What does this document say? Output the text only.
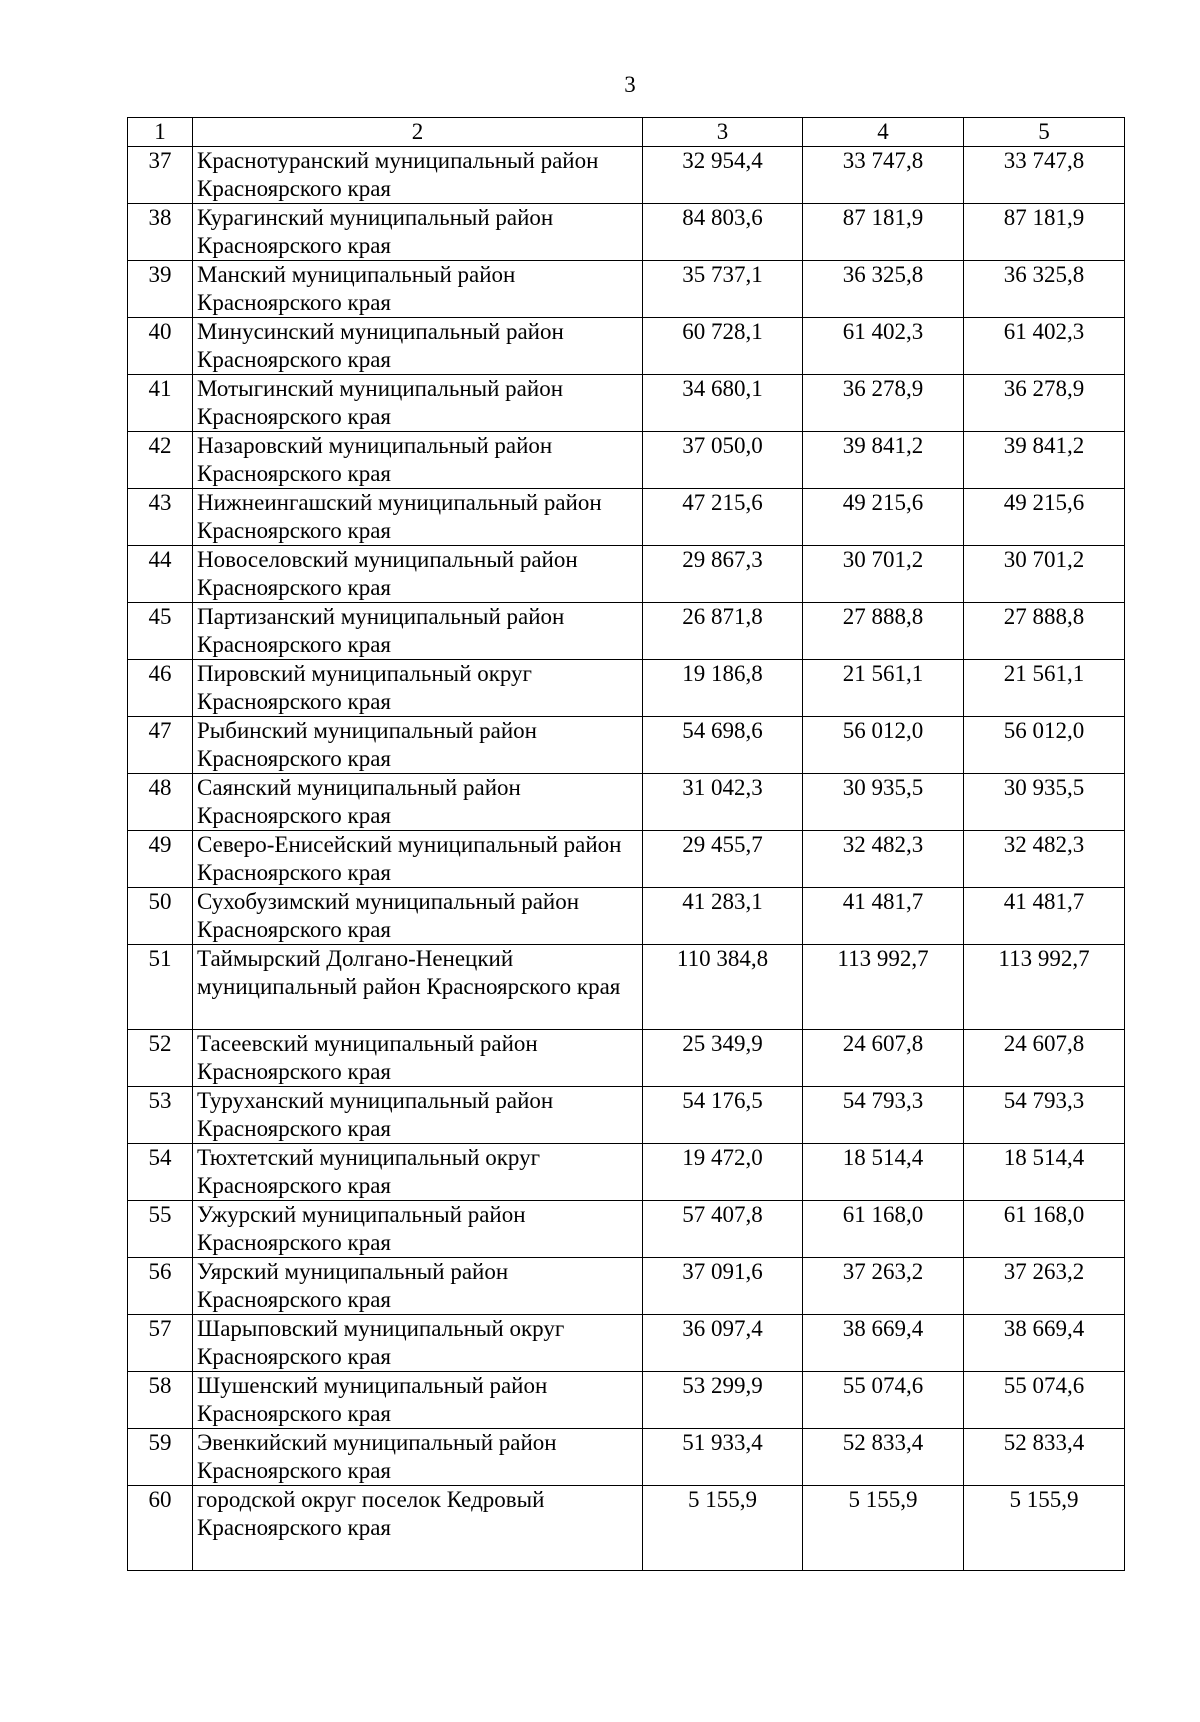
3
1	2	3	4	5
37	Краснотуранский муниципальный район Красноярского края	32 954,4	33 747,8	33 747,8
38	Курагинский муниципальный район Красноярского края	84 803,6	87 181,9	87 181,9
39	Манский муниципальный район Красноярского края	35 737,1	36 325,8	36 325,8
40	Минусинский муниципальный район Красноярского края	60 728,1	61 402,3	61 402,3
41	Мотыгинский муниципальный район Красноярского края	34 680,1	36 278,9	36 278,9
42	Назаровский муниципальный район Красноярского края	37 050,0	39 841,2	39 841,2
43	Нижнеингашский муниципальный район Красноярского края	47 215,6	49 215,6	49 215,6
44	Новоселовский муниципальный район Красноярского края	29 867,3	30 701,2	30 701,2
45	Партизанский муниципальный район Красноярского края	26 871,8	27 888,8	27 888,8
46	Пировский муниципальный округ Красноярского края	19 186,8	21 561,1	21 561,1
47	Рыбинский муниципальный район Красноярского края	54 698,6	56 012,0	56 012,0
48	Саянский муниципальный район Красноярского края	31 042,3	30 935,5	30 935,5
49	Северо-Енисейский муниципальный район Красноярского края	29 455,7	32 482,3	32 482,3
50	Сухобузимский муниципальный район Красноярского края	41 283,1	41 481,7	41 481,7
51	Таймырский Долгано-Ненецкий муниципальный район Красноярского края	110 384,8	113 992,7	113 992,7
52	Тасеевский муниципальный район Красноярского края	25 349,9	24 607,8	24 607,8
53	Туруханский муниципальный район Красноярского края	54 176,5	54 793,3	54 793,3
54	Тюхтетский муниципальный округ Красноярского края	19 472,0	18 514,4	18 514,4
55	Ужурский муниципальный район Красноярского края	57 407,8	61 168,0	61 168,0
56	Уярский муниципальный район Красноярского края	37 091,6	37 263,2	37 263,2
57	Шарыповский муниципальный округ Красноярского края	36 097,4	38 669,4	38 669,4
58	Шушенский муниципальный район Красноярского края	53 299,9	55 074,6	55 074,6
59	Эвенкийский муниципальный район Красноярского края	51 933,4	52 833,4	52 833,4
60	городской округ поселок Кедровый Красноярского края	5 155,9	5 155,9	5 155,9
